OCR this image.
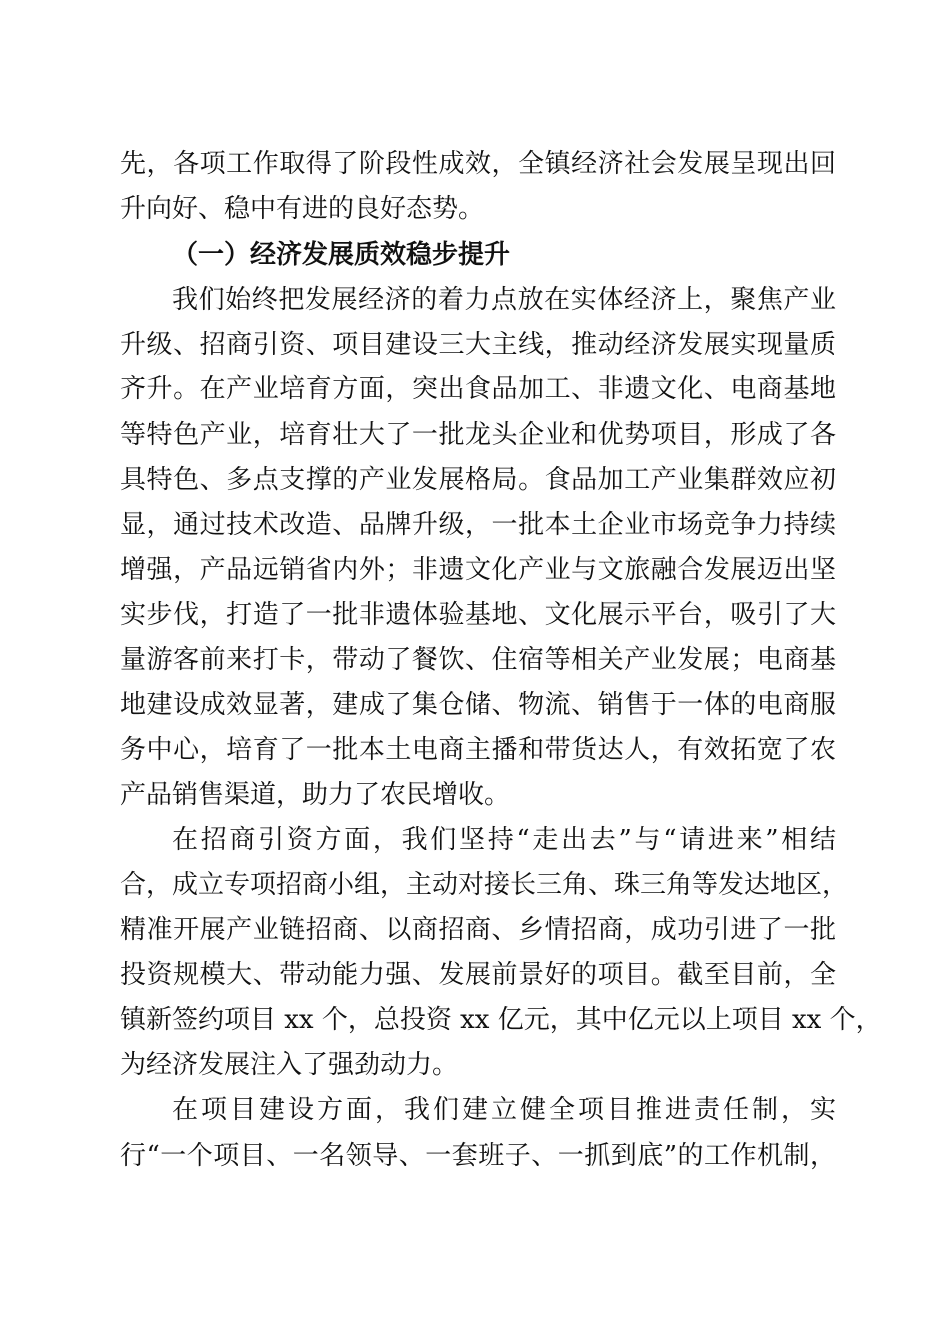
先，各项工作取得了阶段性成效，全镇经济社会发展呈现出回
升向好、稳中有进的良好态势。
（一）经济发展质效稳步提升
我们始终把发展经济的着力点放在实体经济上，聚焦产业
升级、招商引资、项目建设三大主线，推动经济发展实现量质
齐升。在产业培育方面，突出食品加工、非遗文化、电商基地
等特色产业，培育壮大了一批龙头企业和优势项目，形成了各
具特色、多点支撑的产业发展格局。食品加工产业集群效应初
显，通过技术改造、品牌升级，一批本土企业市场竞争力持续
增强，产品远销省内外；非遗文化产业与文旅融合发展迈出坚
实步伐，打造了一批非遗体验基地、文化展示平台，吸引了大
量游客前来打卡，带动了餐饮、住宿等相关产业发展；电商基
地建设成效显著，建成了集仓储、物流、销售于一体的电商服
务中心，培育了一批本土电商主播和带货达人，有效拓宽了农
产品销售渠道，助力了农民增收。
在招商引资方面，我们坚持“走出去”与“请进来”相结
合，成立专项招商小组，主动对接长三角、珠三角等发达地区，
精准开展产业链招商、以商招商、乡情招商，成功引进了一批
投资规模大、带动能力强、发展前景好的项目。截至目前，全
镇新签约项目 xx 个，总投资 xx 亿元，其中亿元以上项目 xx 个，
为经济发展注入了强劲动力。
在项目建设方面，我们建立健全项目推进责任制，实
行“一个项目、一名领导、一套班子、一抓到底”的工作机制，
